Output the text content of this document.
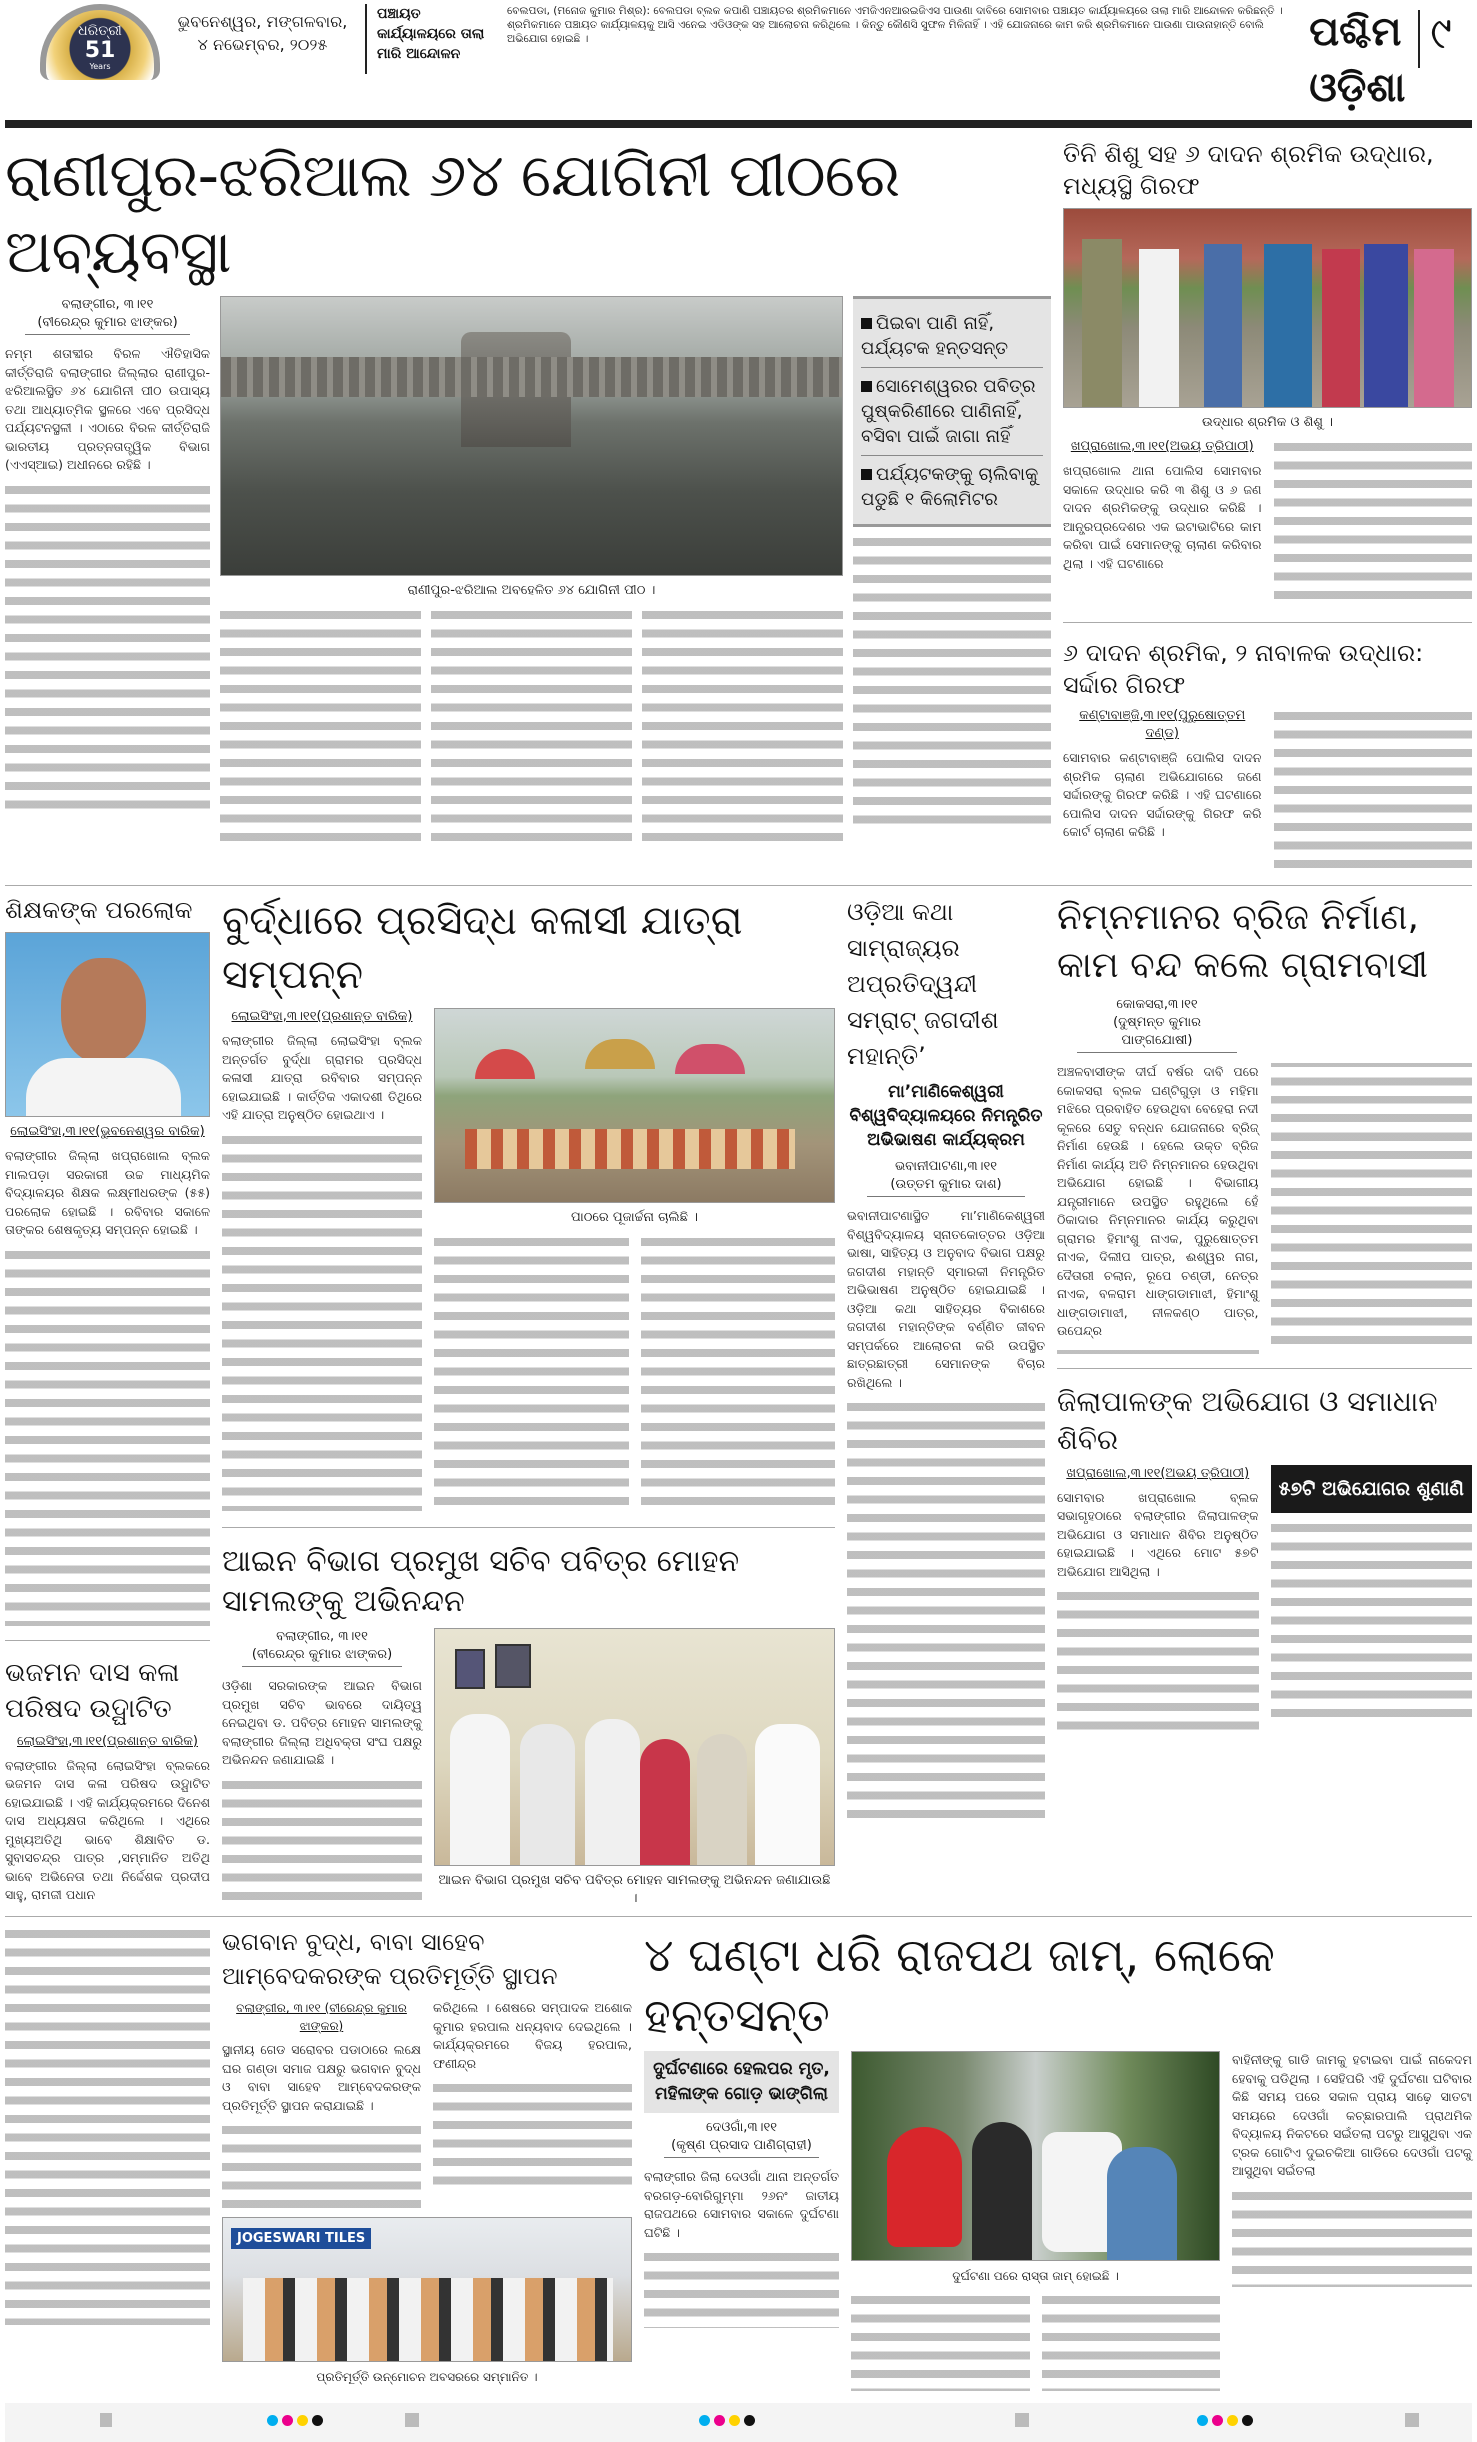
ଧରିତ୍ରୀ
51
Years
ଭୁବନେଶ୍ୱର, ମଙ୍ଗଳବାର,
୪ ନଭେମ୍ବର, ୨୦୨୫
ପଞ୍ଚାୟତ କାର୍ଯ୍ୟାଳୟରେ ତାଲା ମାରି ଆନ୍ଦୋଳନ
ବେଲପଡା, (ମନୋଜ କୁମାର ମିଶ୍ର): ବେଲପଡା ବ୍ଲକ କପାଣି ପଞ୍ଚାୟତର ଶ୍ରମିକମାନେ ଏମଜିଏନଆରଇଜିଏସ ପାଉଣା ଦାବିରେ ସୋମବାର ପଞ୍ଚାୟତ କାର୍ଯ୍ୟାଳୟରେ ତାଲା ମାରି ଆନ୍ଦୋଳନ କରିଛନ୍ତି । ଶ୍ରମିକମାନେ ପଞ୍ଚାୟତ କାର୍ଯ୍ୟାଳୟକୁ ଆସି ଏନେଇ ଏଡିଓଙ୍କ ସହ ଆଲୋଚନା କରିଥିଲେ । କିନ୍ତୁ କୌଣସି ସୁଫଳ ମିଳିନାହିଁ । ଏହି ଯୋଜନାରେ କାମ କରି ଶ୍ରମିକମାନେ ପାଉଣା ପାଉନାହାନ୍ତି ବୋଲି ଅଭିଯୋଗ ହୋଇଛି ।	ପଶ୍ଚିମ ଓଡ଼ିଶା
୯
ରାଣୀପୁର-ଝରିଆଲ ୬୪ ଯୋଗିନୀ ପୀଠରେ ଅବ୍ୟବସ୍ଥା
ବଲାଙ୍ଗୀର, ୩।୧୧
(ବୀରେନ୍ଦ୍ର କୁମାର ଝାଙ୍କର)
ନମ୍ମ ଶତାବ୍ଦୀର ବିରଳ ଐତିହାସିକ କୀର୍ତ୍ତିରାଜି ବଲାଙ୍ଗୀର ଜିଲ୍ଲାର ରାଣୀପୁର-ଝରିଆଲସ୍ଥିତ ୬୪ ଯୋଗିନୀ ପୀଠ ଉପାସ୍ୟ ତଥା ଆଧ୍ୟାତ୍ମିକ ସ୍ଥଳରେ ଏବେ ପ୍ରସିଦ୍ଧ ପର୍ଯ୍ୟଟନସ୍ଥଳୀ । ଏଠାରେ ବିରଳ କୀର୍ତ୍ତିରାଜି ଭାରତୀୟ ପ୍ରତ୍ନତାତ୍ତ୍ୱିକ ବିଭାଗ (ଏଏସ୍ଆଇ) ଅଧୀନରେ ରହିଛି ।
ରାଣୀପୁର-ଝରିଆଲ ଅବହେଳିତ ୬୪ ଯୋଗିନୀ ପୀଠ ।
ପିଇବା ପାଣି ନାହିଁ, ପର୍ଯ୍ୟଟକ ହନ୍ତସନ୍ତ
ସୋମେଶ୍ୱରର ପବିତ୍ର ପୁଷ୍କରିଣୀରେ ପାଣିନାହିଁ, ବସିବା ପାଇଁ ଜାଗା ନାହିଁ
ପର୍ଯ୍ୟଟକଙ୍କୁ ଚାଲିବାକୁ ପଡୁଛି ୧ କିଲୋମିଟର
ତିନି ଶିଶୁ ସହ ୬ ଦାଦନ ଶ୍ରମିକ ଉଦ୍ଧାର, ମଧ୍ୟସ୍ଥି ଗିରଫ
ଉଦ୍ଧାର ଶ୍ରମିକ ଓ ଶିଶୁ ।
ଖପ୍ରାଖୋଲ,୩।୧୧(ଅଭୟ ତ୍ରିପାଠୀ)
ଖପ୍ରାଖୋଲ ଥାନା ପୋଲିସ ସୋମବାର ସକାଳେ ଉଦ୍ଧାର କରି ୩ ଶିଶୁ ଓ ୬ ଜଣ ଦାଦନ ଶ୍ରମିକଙ୍କୁ ଉଦ୍ଧାର କରିଛି । ଆନ୍ଧ୍ରପ୍ରଦେଶର ଏକ ଇଟାଭାଟିରେ କାମ କରିବା ପାଇଁ ସେମାନଙ୍କୁ ଚାଲାଣ କରିବାର ଥିଲା । ଏହି ଘଟଣାରେ
୬ ଦାଦନ ଶ୍ରମିକ, ୨ ନାବାଳକ ଉଦ୍ଧାର: ସର୍ଦ୍ଦାର ଗିରଫ
କଣ୍ଟାବାଞ୍ଜି,୩।୧୧(ପୁରୁଷୋତ୍ତମ ଦଣ୍ଡ)
ସୋମବାର କଣ୍ଟାବାଞ୍ଜି ପୋଲିସ ଦାଦନ ଶ୍ରମିକ ଚାଲାଣ ଅଭିଯୋଗରେ ଜଣେ ସର୍ଦ୍ଦାରଙ୍କୁ ଗିରଫ କରିଛି । ଏହି ଘଟଣାରେ ପୋଲିସ ଦାଦନ ସର୍ଦ୍ଦାରଙ୍କୁ ଗିରଫ କରି କୋର୍ଟ ଚାଲାଣ କରିଛି ।
ଶିକ୍ଷକଙ୍କ ପରଲୋକ
ଲୋଇସିଂହା,୩।୧୧(ଭୁବନେଶ୍ୱର ବାରିକ)
ବଲାଙ୍ଗୀର ଜିଲ୍ଲା ଖପ୍ରାଖୋଲ ବ୍ଲକ ମାଲପଡ଼ା ସରକାରୀ ଉଚ୍ଚ ମାଧ୍ୟମିକ ବିଦ୍ୟାଳୟର ଶିକ୍ଷକ ଲକ୍ଷ୍ମୀଧରଙ୍କ (୫୫) ପରଲୋକ ହୋଇଛି । ରବିବାର ସକାଳେ ତାଙ୍କର ଶେଷକୃତ୍ୟ ସମ୍ପନ୍ନ ହୋଇଛି ।
ଭଜମନ ଦାସ କଳା ପରିଷଦ ଉଦ୍ଘାଟିତ
ଲୋଇସିଂହା,୩।୧୧(ପ୍ରଶାନ୍ତ ବାରିକ)
ବଲାଙ୍ଗୀର ଜିଲ୍ଲା ଲୋଇସିଂହା ବ୍ଲକରେ ଭଜମନ ଦାସ କଳା ପରିଷଦ ଉଦ୍ଘାଟିତ ହୋଇଯାଇଛି । ଏହି କାର୍ଯ୍ୟକ୍ରମରେ ଦିନେଶ ଦାସ ଅଧ୍ୟକ୍ଷତା କରିଥିଲେ । ଏଥିରେ ମୁଖ୍ୟଅତିଥି ଭାବେ ଶିକ୍ଷାବିତ ଡ. ସୁବାସଚନ୍ଦ୍ର ପାତ୍ର ,ସମ୍ମାନିତ ଅତିଥି ଭାବେ ଅଭିନେତା ତଥା ନିର୍ଦ୍ଦେଶକ ପ୍ରଦୀପ ସାହୁ, ରାମଜୀ ପଧାନ
ବୁର୍ଦ୍ଧାରେ ପ୍ରସିଦ୍ଧ କଳାସୀ ଯାତ୍ରା ସମ୍ପନ୍ନ
ଲୋଇସିଂହା,୩।୧୧(ପ୍ରଶାନ୍ତ ବାରିକ)
ବଲାଙ୍ଗୀର ଜିଲ୍ଲା ଲୋଇସିଂହା ବ୍ଲକ ଅନ୍ତର୍ଗତ ବୁର୍ଦ୍ଧା ଗ୍ରାମର ପ୍ରସିଦ୍ଧ କଳାସୀ ଯାତ୍ରା ରବିବାର ସମ୍ପନ୍ନ ହୋଇଯାଇଛି । କାର୍ତ୍ତିକ ଏକାଦଶୀ ତିଥିରେ ଏହି ଯାତ୍ରା ଅନୁଷ୍ଠିତ ହୋଇଥାଏ ।
ପାଠରେ ପୂଜାର୍ଚ୍ଚନା ଚାଲିଛି ।
ଆଇନ ବିଭାଗ ପ୍ରମୁଖ ସଚିବ ପବିତ୍ର ମୋହନ ସାମଲଙ୍କୁ ଅଭିନନ୍ଦନ
ବଲାଙ୍ଗୀର, ୩।୧୧
(ବୀରେନ୍ଦ୍ର କୁମାର ଝାଙ୍କର)
ଓଡ଼ିଶା ସରକାରଙ୍କ ଆଇନ ବିଭାଗ ପ୍ରମୁଖ ସଚିବ ଭାବରେ ଦାୟିତ୍ୱ ନେଇଥିବା ଡ. ପବିତ୍ର ମୋହନ ସାମଲଙ୍କୁ ବଲାଙ୍ଗୀର ଜିଲ୍ଲା ଅଧିବକ୍ତା ସଂଘ ପକ୍ଷରୁ ଅଭିନନ୍ଦନ ଜଣାଯାଇଛି ।
ଆଇନ ବିଭାଗ ପ୍ରମୁଖ ସଚିବ ପବିତ୍ର ମୋହନ ସାମଲଙ୍କୁ ଅଭିନନ୍ଦନ ଜଣାଯାଉଛି ।
ଓଡ଼ିଆ କଥା ସାମ୍ରାଜ୍ୟର ଅପ୍ରତିଦ୍ୱନ୍ଦୀ ସମ୍ରାଟ୍ ଜଗଦୀଶ ମହାନ୍ତି’
ମା’ମାଣିକେଶ୍ୱରୀ ବିଶ୍ୱବିଦ୍ୟାଳୟରେ ନିମନ୍ତ୍ରିତ ଅଭିଭାଷଣ କାର୍ଯ୍ୟକ୍ରମ
ଭବାନୀପାଟଣା,୩।୧୧
(ଉତ୍ତମ କୁମାର ଦାଶ)
ଭବାନୀପାଟଣାସ୍ଥିତ ମା’ମାଣିକେଶ୍ୱରୀ ବିଶ୍ୱବିଦ୍ୟାଳୟ ସ୍ନାତକୋତ୍ତର ଓଡ଼ିଆ ଭାଷା, ସାହିତ୍ୟ ଓ ଅନୁବାଦ ବିଭାଗ ପକ୍ଷରୁ ଜଗଦୀଶ ମହାନ୍ତି ସ୍ମାରକୀ ନିମନ୍ତ୍ରିତ ଅଭିଭାଷଣ ଅନୁଷ୍ଠିତ ହୋଇଯାଇଛି । ଓଡ଼ିଆ କଥା ସାହିତ୍ୟର ବିକାଶରେ ଜଗଦୀଶ ମହାନ୍ତିଙ୍କ ବର୍ଣ୍ଣିତ ଜୀବନ ସମ୍ପର୍କରେ ଆଲୋଚନା କରି ଉପସ୍ଥିତ ଛାତ୍ରଛାତ୍ରୀ ସେମାନଙ୍କ ବିଚାର ରଖିଥିଲେ ।
ନିମ୍ନମାନର ବ୍ରିଜ ନିର୍ମାଣ, କାମ ବନ୍ଦ କଲେ ଗ୍ରାମବାସୀ
କୋକସରା,୩।୧୧
(ଦୁଷ୍ମନ୍ତ କୁମାର ପାଙ୍ଗଯୋଷୀ)
ଅଞ୍ଚଳବାସୀଙ୍କ ଦୀର୍ଘ ବର୍ଷର ଦାବି ପରେ କୋକସରା ବ୍ଲକ ଘଣ୍ଟିଗୁଡ଼ା ଓ ମହିମା ମଝିରେ ପ୍ରବାହିତ ହେଉଥିବା ବେହେରା ନଦୀ କୂଳରେ ସେତୁ ବନ୍ଧନ ଯୋଜନାରେ ବ୍ରିଜ୍ ନିର୍ମାଣ ହେଉଛି । ହେଲେ ଉକ୍ତ ବ୍ରିଜ ନିର୍ମାଣ କାର୍ଯ୍ୟ ଅତି ନିମ୍ନମାନର ହେଉଥିବା ଅଭିଯୋଗ ହୋଇଛି । ବିଭାଗୀୟ ଯନ୍ତ୍ରୀମାନେ ଉପସ୍ଥିତ ରହୁଥିଲେ ହେଁ ଠିକାଦାର ନିମ୍ନମାନର କାର୍ଯ୍ୟ କରୁଥିବା ଗ୍ରାମର ହିମାଂଶୁ ନାଏକ, ପୁରୁଷୋତ୍ତମ ନାଏକ, ଦିଲୀପ ପାତ୍ର, ଈଶ୍ୱର ନାଗ, ଦୈତାରୀ ଚଲାନ, ରୂପେ ଚଣ୍ଡୀ, ନେତ୍ର ନାଏକ, ବଳରାମ ଧାଙ୍ଗଡାମାଝୀ, ହିମାଂଶୁ ଧାଙ୍ଗଡାମାଝୀ, ନୀଳକଣ୍ଠ ପାତ୍ର, ଉପେନ୍ଦ୍ର
ଜିଲାପାଳଙ୍କ ଅଭିଯୋଗ ଓ ସମାଧାନ ଶିବିର
ଖପ୍ରାଖୋଲ,୩।୧୧(ଅଭୟ ତ୍ରିପାଠୀ)
ସୋମବାର ଖପ୍ରାଖୋଲ ବ୍ଲକ ସଭାଗୃହଠାରେ ବଲାଙ୍ଗୀର ଜିଲାପାଳଙ୍କ ଅଭିଯୋଗ ଓ ସମାଧାନ ଶିବିର ଅନୁଷ୍ଠିତ ହୋଇଯାଇଛି । ଏଥିରେ ମୋଟ ୫୭ଟି ଅଭିଯୋଗ ଆସିଥିଲା ।
୫୭ଟି ଅଭିଯୋଗର ଶୁଣାଣି
ଭଗବାନ ବୁଦ୍ଧ, ବାବା ସାହେବ ଆମ୍ବେଦକରଙ୍କ ପ୍ରତିମୂର୍ତ୍ତି ସ୍ଥାପନ
ବଲାଙ୍ଗୀର, ୩।୧୧ (ବୀରେନ୍ଦ୍ର କୁମାର ଝାଙ୍କର)
ସ୍ଥାନୀୟ ଗେଡ ସରୋବର ପଡାଠାରେ ଲକ୍ଷେ ଘର ଗଣ୍ଡା ସମାଜ ପକ୍ଷରୁ ଭଗବାନ ବୁଦ୍ଧ ଓ ବାବା ସାହେବ ଆମ୍ବେଦକରଙ୍କ ପ୍ରତିମୂର୍ତ୍ତି ସ୍ଥାପନ କରାଯାଇଛି ।
କରିଥିଲେ । ଶେଷରେ ସମ୍ପାଦକ ଅଶୋକ କୁମାର ହରପାଲ ଧନ୍ୟବାଦ ଦେଇଥିଲେ । କାର୍ଯ୍ୟକ୍ରମରେ ବିଜୟ ହରପାଲ, ଫଣୀନ୍ଦ୍ର
JOGESWARI TILES
ପ୍ରତିମୂର୍ତ୍ତି ଉନ୍ମୋଚନ ଅବସରରେ ସମ୍ମାନିତ ।
୪ ଘଣ୍ଟା ଧରି ରାଜପଥ ଜାମ୍, ଲୋକେ ହନ୍ତସନ୍ତ
ଦୁର୍ଘଟଣାରେ ହେଲପର ମୃତ, ମହିଳାଙ୍କ ଗୋଡ଼ ଭାଙ୍ଗିଲା
ଦେଓଗାଁ,୩।୧୧
(କୃଷ୍ଣ ପ୍ରସାଦ ପାଣିଗ୍ରାହୀ)
ବଲାଙ୍ଗୀର ଜିଲା ଦେଓଗାଁ ଥାନା ଅନ୍ତର୍ଗତ ବରଗଡ଼-ବୋରିଗୁମ୍ମା ୨୬ନଂ ଜାତୀୟ ରାଜପଥରେ ସୋମବାର ସକାଳେ ଦୁର୍ଘଟଣା ଘଟିଛି ।
ଦୁର୍ଘଟଣା ପରେ ରାସ୍ତା ଜାମ୍ ହୋଇଛି ।
ବାହିନୀଙ୍କୁ ଗାଡି ଜାମକୁ ହଟାଇବା ପାଇଁ ନାକେଦମ ହେବାକୁ ପଡିଥିଲା । ସେହିପରି ଏହି ଦୁର୍ଘଟଣା ଘଟିବାର କିଛି ସମୟ ପରେ ସକାଳ ପ୍ରାୟ ସାଢ଼େ ସାତଟା ସମୟରେ ଦେଓଗାଁ କଚ୍ଛାରପାଲି ପ୍ରାଥମିକ ବିଦ୍ୟାଳୟ ନିକଟରେ ସଇଁତଲା ପଟରୁ ଆସୁଥିବା ଏକ ଟ୍ରକ ଗୋଟିଏ ଦୁଇଚକିଆ ଗାଡିରେ ଦେଓଗାଁ ପଟକୁ ଆସୁଥିବା ସଇଁତଲା
